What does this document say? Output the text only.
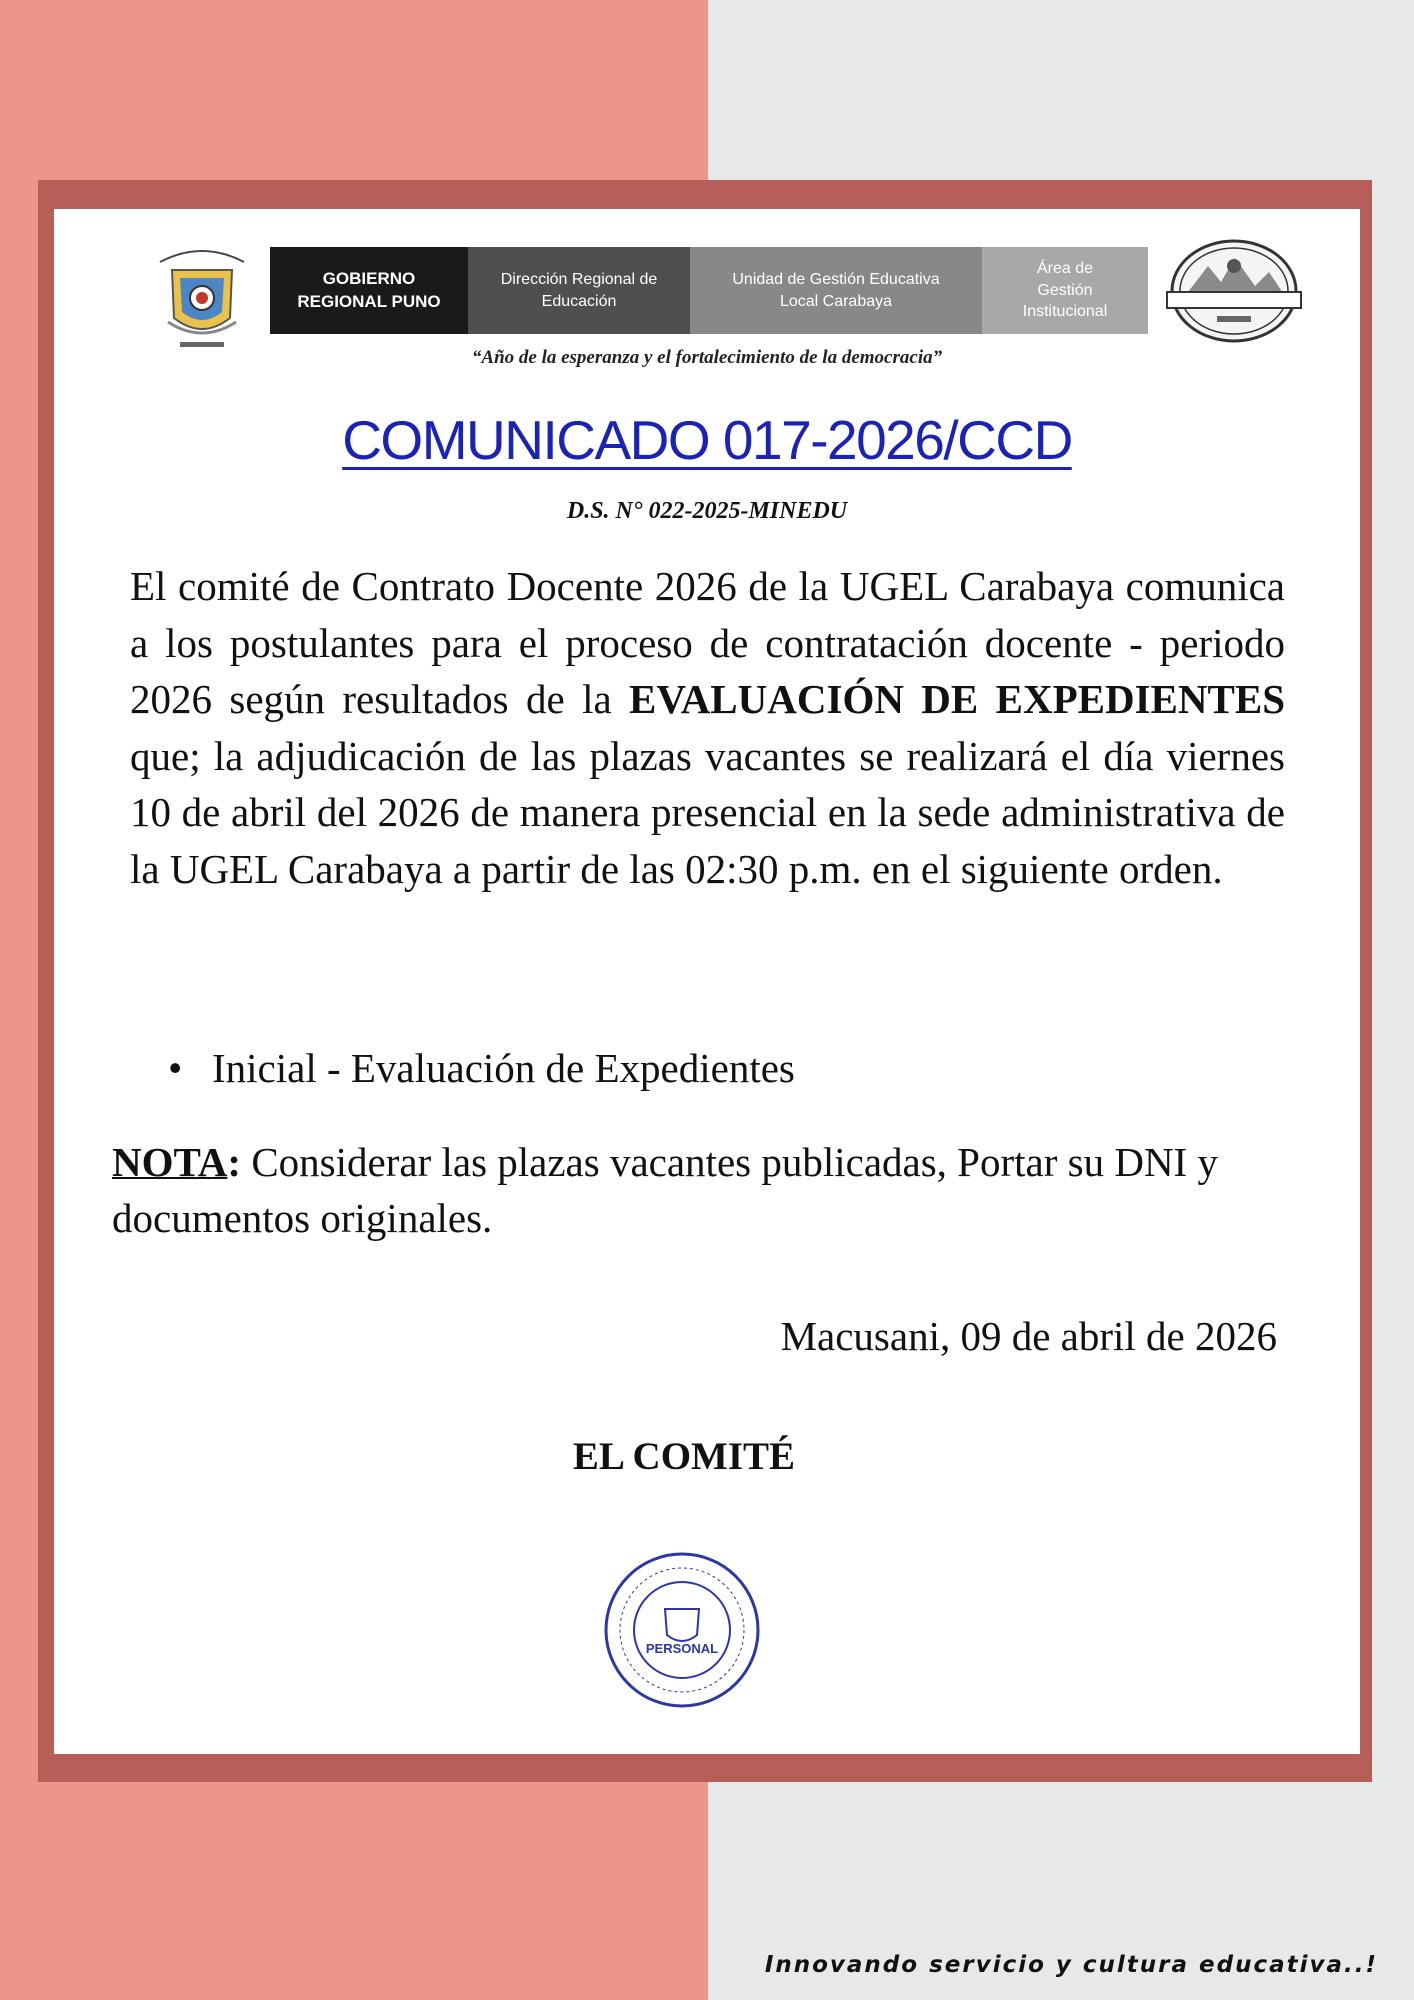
GOBIERNO
REGIONAL PUNO
Dirección Regional de
Educación
Unidad de Gestión Educativa
Local Carabaya
Área de
Gestión
Institucional
“Año de la esperanza y el fortalecimiento de la democracia”
COMUNICADO 017-2026/CCD
D.S. N° 022-2025-MINEDU
El comité de Contrato Docente 2026 de la UGEL Carabaya comunica a los postulantes para el proceso de contratación docente - periodo 2026 según resultados de la EVALUACIÓN DE EXPEDIENTES que; la adjudicación de las plazas vacantes se realizará el día viernes 10 de abril del 2026 de manera presencial en la sede administrativa de la UGEL Carabaya a partir de las 02:30 p.m. en el siguiente orden.
• Inicial - Evaluación de Expedientes
NOTA: Considerar las plazas vacantes publicadas, Portar su DNI y documentos originales.
Macusani, 09 de abril de 2026
EL COMITÉ
PERSONAL
Innovando servicio y cultura educativa..!
